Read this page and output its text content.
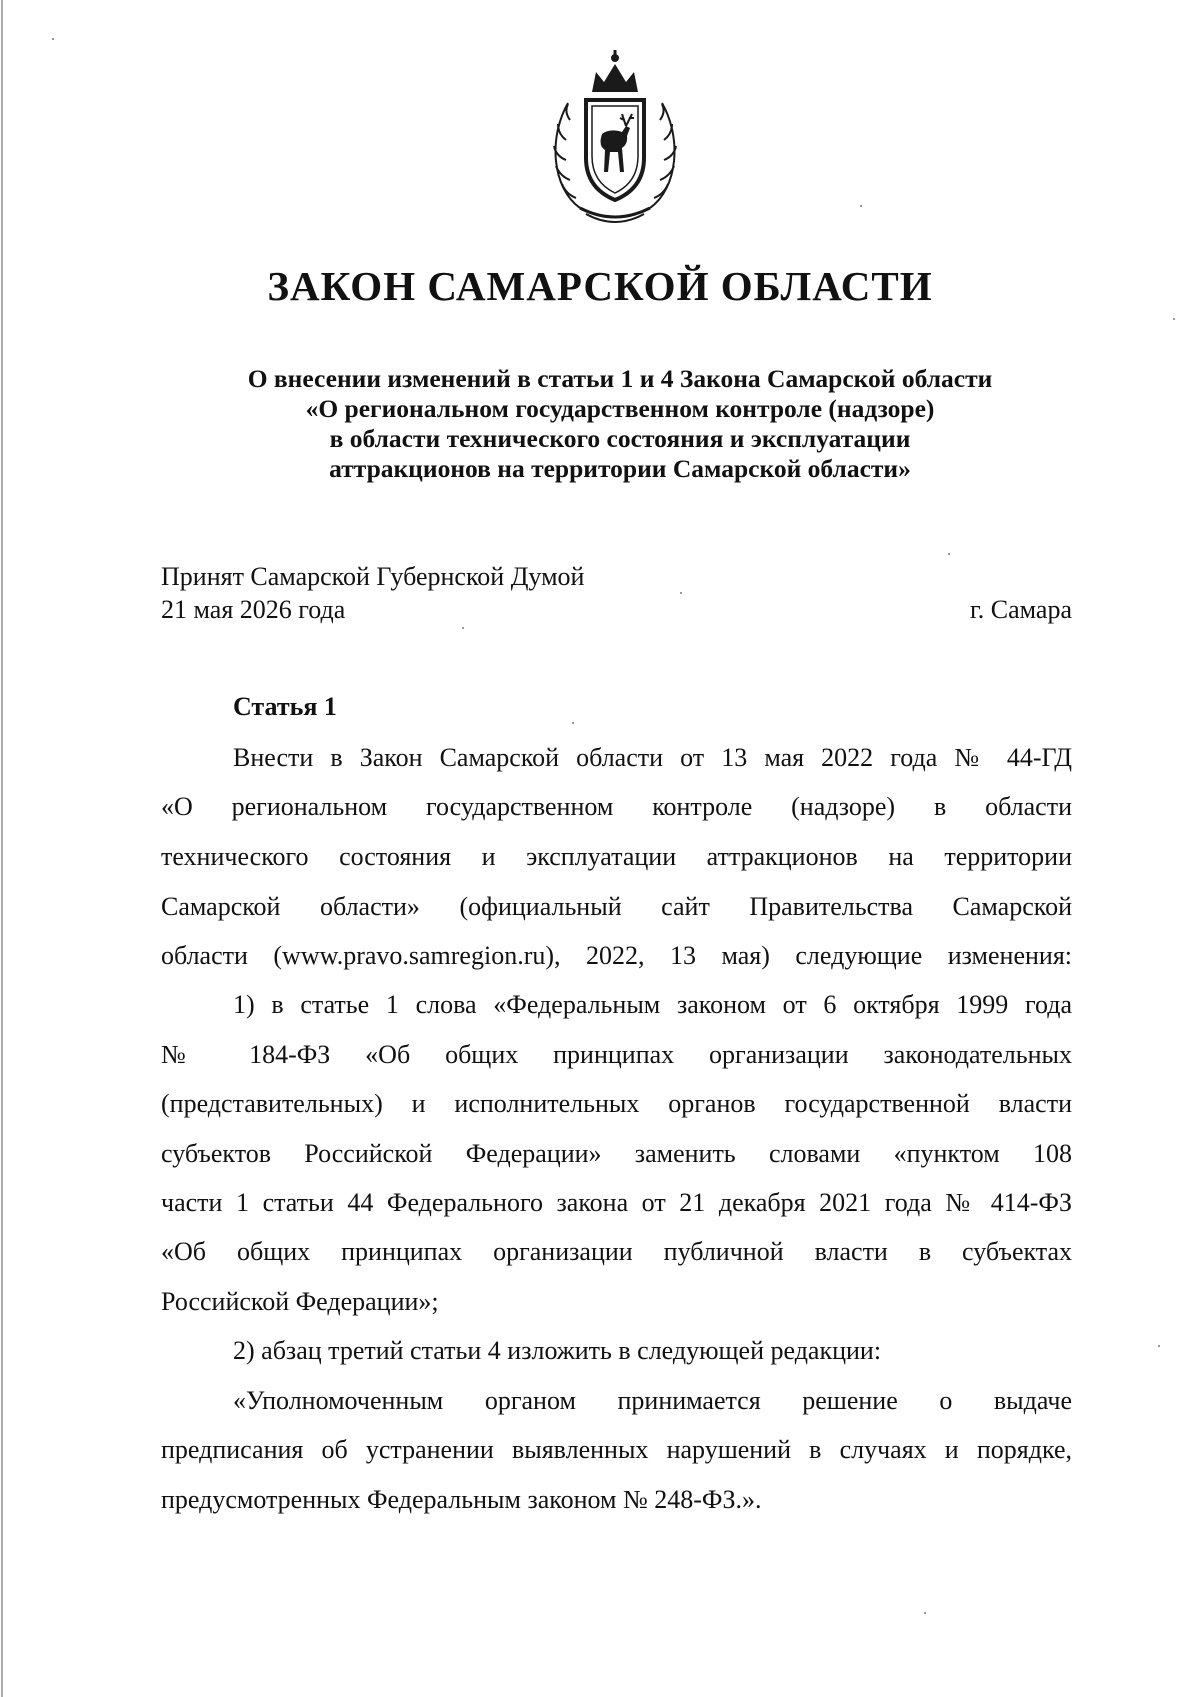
ЗАКОН САМАРСКОЙ ОБЛАСТИ
О внесении изменений в статьи 1 и 4 Закона Самарской области
«О региональном государственном контроле (надзоре)
в области технического состояния и эксплуатации
аттракционов на территории Самарской области»
Принят Самарской Губернской Думой
21 мая 2026 года	г. Самара
Статья 1
Внести в Закон Самарской области от 13 мая 2022 года № 44-ГД
«О региональном государственном контроле (надзоре) в области
технического состояния и эксплуатации аттракционов на территории
Самарской области» (официальный сайт Правительства Самарской
области (www.pravo.samregion.ru), 2022, 13 мая) следующие изменения:
1) в статье 1 слова «Федеральным законом от 6 октября 1999 года
№ 184-ФЗ «Об общих принципах организации законодательных
(представительных) и исполнительных органов государственной власти
субъектов Российской Федерации» заменить словами «пунктом 108
части 1 статьи 44 Федерального закона от 21 декабря 2021 года № 414-ФЗ
«Об общих принципах организации публичной власти в субъектах
Российской Федерации»;
2) абзац третий статьи 4 изложить в следующей редакции:
«Уполномоченным органом принимается решение о выдаче
предписания об устранении выявленных нарушений в случаях и порядке,
предусмотренных Федеральным законом № 248-ФЗ.».
